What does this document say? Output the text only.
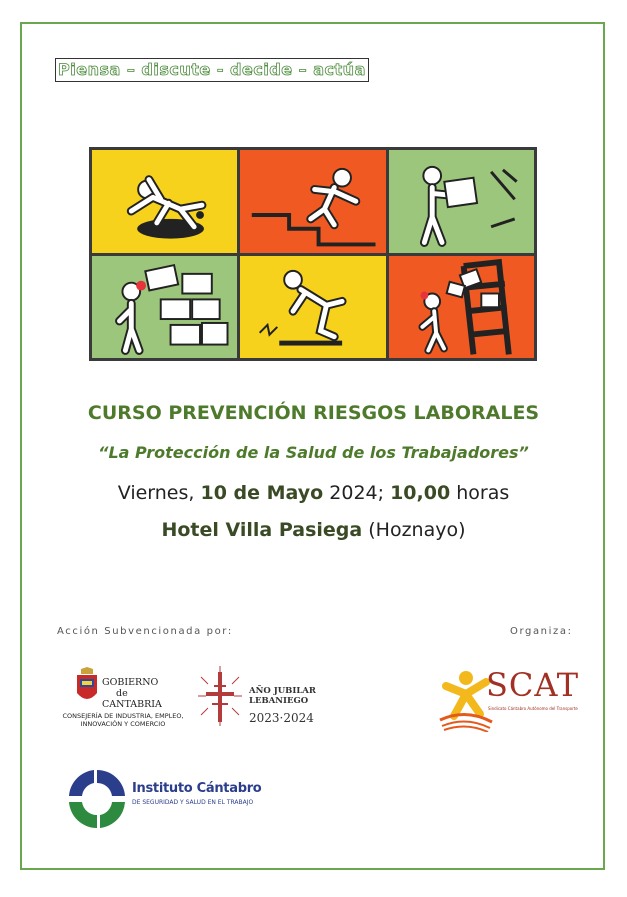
Piensa – discute - decide – actúa
CURSO PREVENCIÓN RIESGOS LABORALES
“La Protección de la Salud de los Trabajadores”
Viernes, 10 de Mayo 2024; 10,00 horas
Hotel Villa Pasiega (Hoznayo)
Acción Subvencionada por:	Organiza:
GOBIERNO
de
CANTABRIA
CONSEJERÍA DE INDUSTRIA, EMPLEO,
INNOVACIÓN Y COMERCIO
AÑO JUBILAR
LEBANIEGO
2023·2024
SCAT
Sindicato Cántabro Autónomo del Transporte
Instituto Cántabro
DE SEGURIDAD Y SALUD EN EL TRABAJO
